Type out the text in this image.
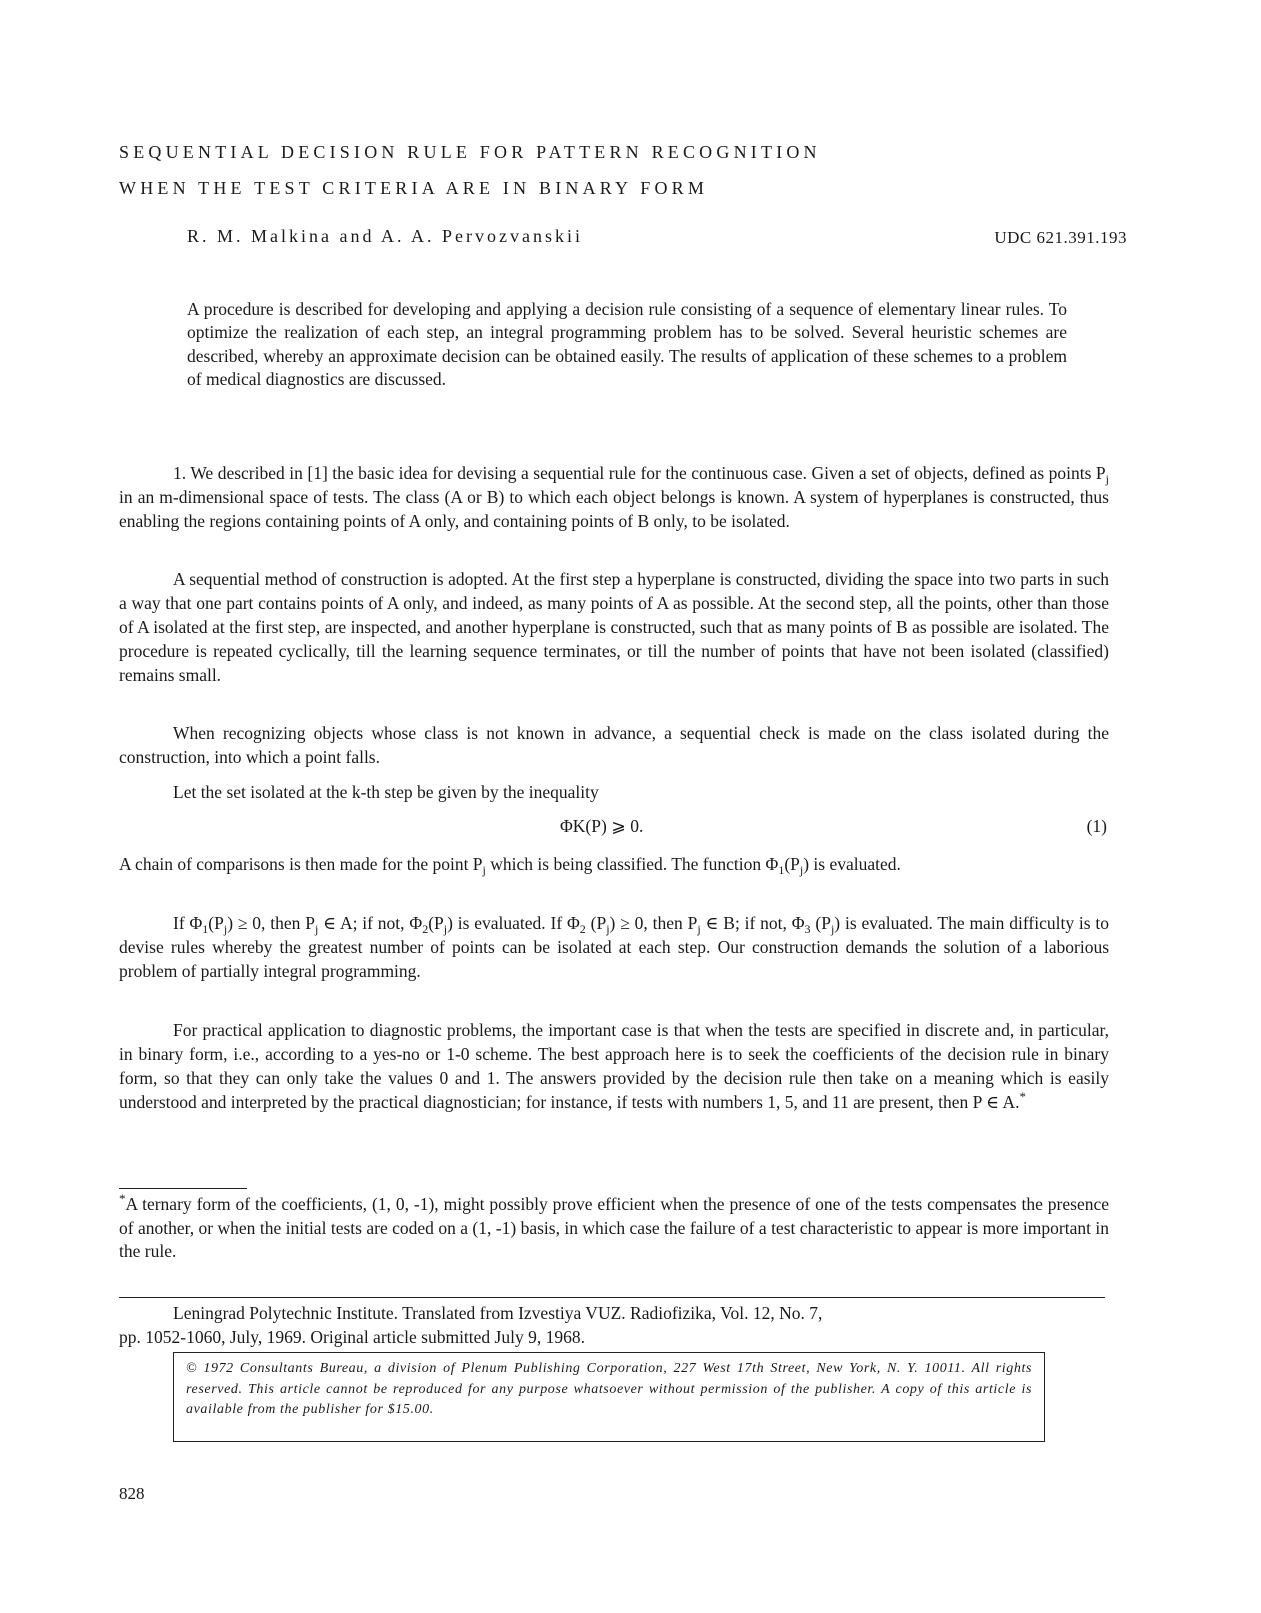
SEQUENTIAL DECISION RULE FOR PATTERN RECOGNITION
WHEN THE TEST CRITERIA ARE IN BINARY FORM
R. M. Malkina and A. A. Pervozvanskii	UDC 621.391.193

A procedure is described for developing and applying a decision rule consisting of a sequence of elementary linear rules. To optimize the realization of each step, an integral programming problem has to be solved. Several heuristic schemes are described, whereby an approximate decision can be obtained easily. The results of application of these schemes to a problem of medical diagnostics are discussed.

1. We described in [1] the basic idea for devising a sequential rule for the continuous case. Given a set of objects, defined as points $P_j$ in an m-dimensional space of tests. The class (A or B) to which each object belongs is known. A system of hyperplanes is constructed, thus enabling the regions containing points of A only, and containing points of B only, to be isolated.

A sequential method of construction is adopted. At the first step a hyperplane is constructed, dividing the space into two parts in such a way that one part contains points of A only, and indeed, as many points of A as possible. At the second step, all the points, other than those of A isolated at the first step, are inspected, and another hyperplane is constructed, such that as many points of B as possible are isolated. The procedure is repeated cyclically, till the learning sequence terminates, or till the number of points that have not been isolated (classified) remains small.

When recognizing objects whose class is not known in advance, a sequential check is made on the class isolated during the construction, into which a point falls.

Let the set isolated at the k-th step be given by the inequality

ΦK(P) ⩾ 0.	(1)

A chain of comparisons is then made for the point $P_j$ which is being classified. The function $\Phi_1(P_j)$ is evaluated.

If $\Phi_1(P_j) \ge 0$, then $P_j$ ∈ A; if not, $\Phi_2(P_j)$ is evaluated. If $\Phi_2$ $(P_j) \ge 0$, then $P_j$ ∈ B; if not, $\Phi_3$ $(P_j)$ is evaluated. The main difficulty is to devise rules whereby the greatest number of points can be isolated at each step. Our construction demands the solution of a laborious problem of partially integral programming.

For practical application to diagnostic problems, the important case is that when the tests are specified in discrete and, in particular, in binary form, i.e., according to a yes-no or 1-0 scheme. The best approach here is to seek the coefficients of the decision rule in binary form, so that they can only take the values 0 and 1. The answers provided by the decision rule then take on a meaning which is easily understood and interpreted by the practical diagnostician; for instance, if tests with numbers 1, 5, and 11 are present, then P ∈ A.*

*A ternary form of the coefficients, (1, 0, -1), might possibly prove efficient when the presence of one of the tests compensates the presence of another, or when the initial tests are coded on a (1, -1) basis, in which case the failure of a test characteristic to appear is more important in the rule.

Leningrad Polytechnic Institute. Translated from Izvestiya VUZ. Radiofizika, Vol. 12, No. 7,
pp. 1052-1060, July, 1969. Original article submitted July 9, 1968.

© 1972 Consultants Bureau, a division of Plenum Publishing Corporation, 227 West 17th Street, New York, N. Y. 10011. All rights reserved. This article cannot be reproduced for any purpose whatsoever without permission of the publisher. A copy of this article is available from the publisher for $15.00.

828
